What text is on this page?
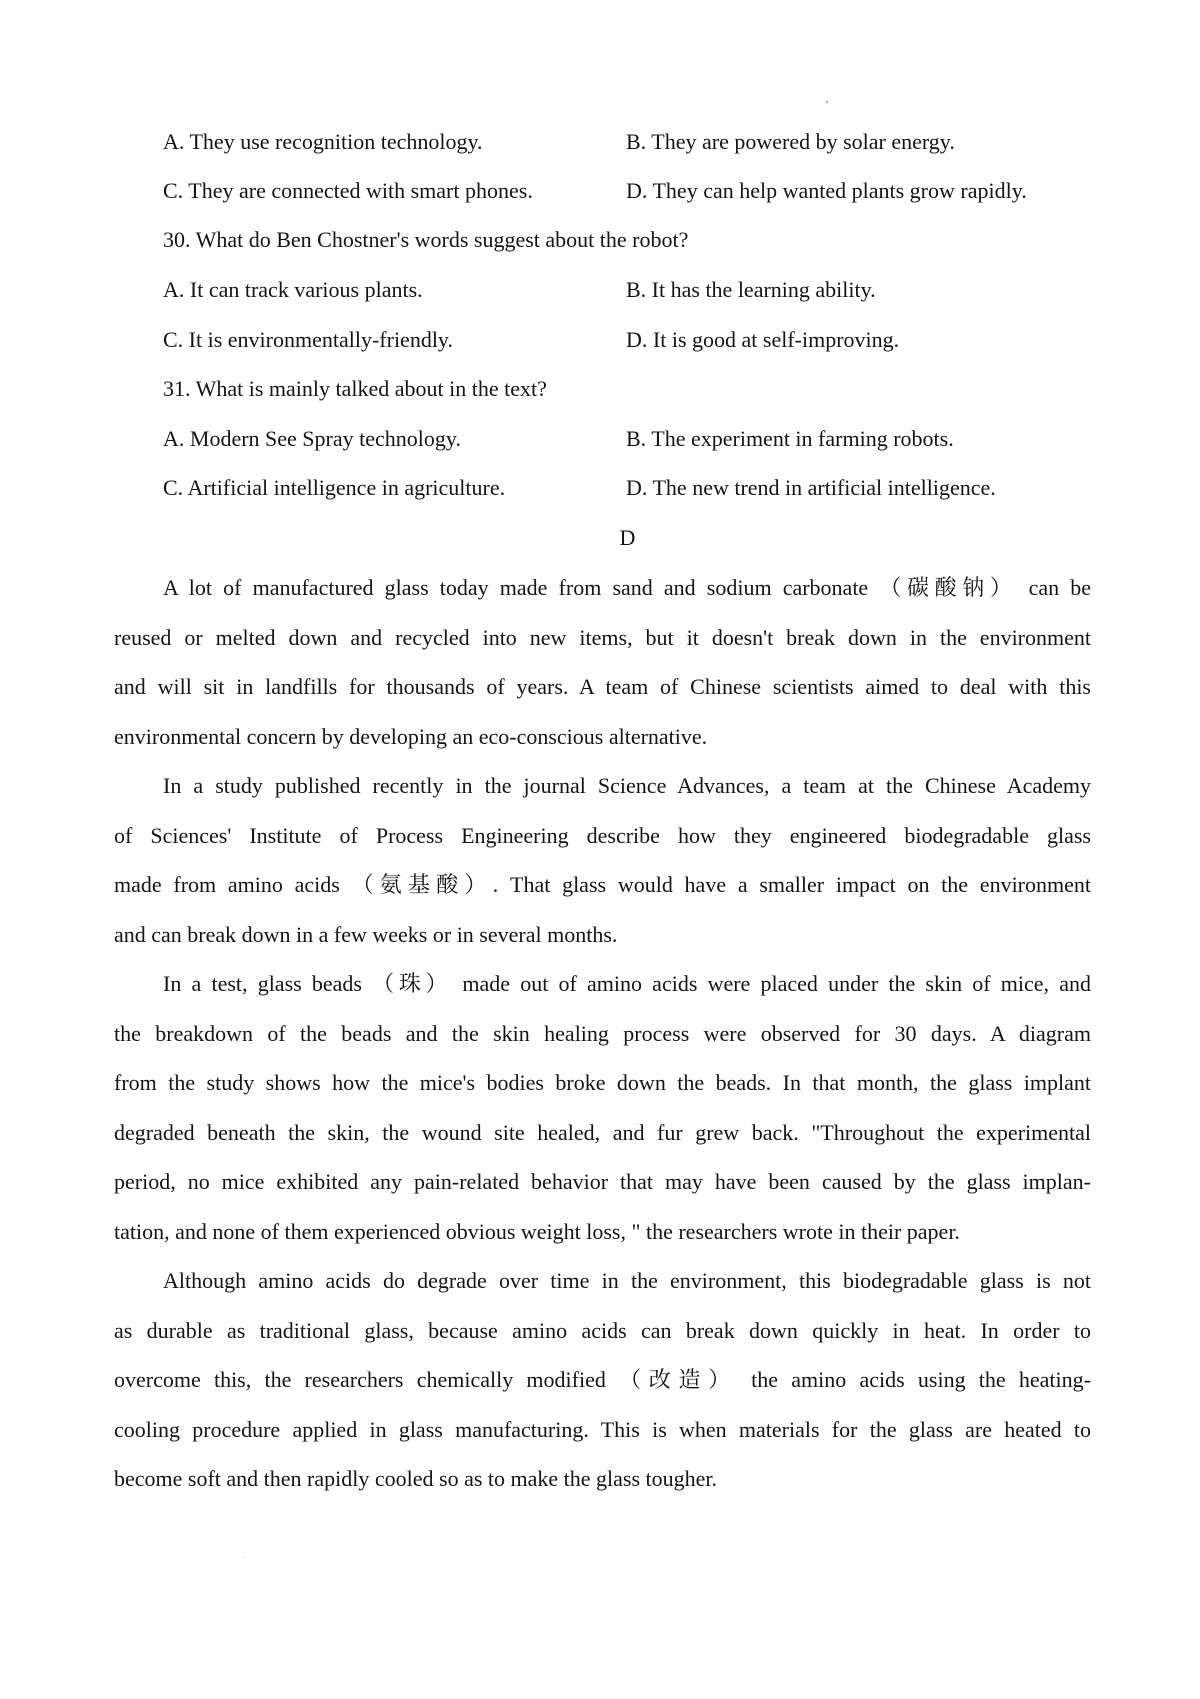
A. They use recognition technology.	B. They are powered by solar energy.
C. They are connected with smart phones.	D. They can help wanted plants grow rapidly.
30. What do Ben Chostner's words suggest about the robot?
A. It can track various plants.	B. It has the learning ability.
C. It is environmentally-friendly.	D. It is good at self-improving.
31. What is mainly talked about in the text?
A. Modern See Spray technology.	B. The experiment in farming robots.
C. Artificial intelligence in agriculture.	D. The new trend in artificial intelligence.
D
A lot of manufactured glass today made from sand and sodium carbonate （碳酸钠） can be
reused or melted down and recycled into new items, but it doesn't break down in the environment
and will sit in landfills for thousands of years. A team of Chinese scientists aimed to deal with this
environmental concern by developing an eco-conscious alternative.
In a study published recently in the journal Science Advances, a team at the Chinese Academy
of Sciences' Institute of Process Engineering describe how they engineered biodegradable glass
made from amino acids （氨基酸）. That glass would have a smaller impact on the environment
and can break down in a few weeks or in several months.
In a test, glass beads （珠） made out of amino acids were placed under the skin of mice, and
the breakdown of the beads and the skin healing process were observed for 30 days. A diagram
from the study shows how the mice's bodies broke down the beads. In that month, the glass implant
degraded beneath the skin, the wound site healed, and fur grew back. "Throughout the experimental
period, no mice exhibited any pain-related behavior that may have been caused by the glass implan-
tation, and none of them experienced obvious weight loss, " the researchers wrote in their paper.
Although amino acids do degrade over time in the environment, this biodegradable glass is not
as durable as traditional glass, because amino acids can break down quickly in heat. In order to
overcome this, the researchers chemically modified （改造） the amino acids using the heating-
cooling procedure applied in glass manufacturing. This is when materials for the glass are heated to
become soft and then rapidly cooled so as to make the glass tougher.
